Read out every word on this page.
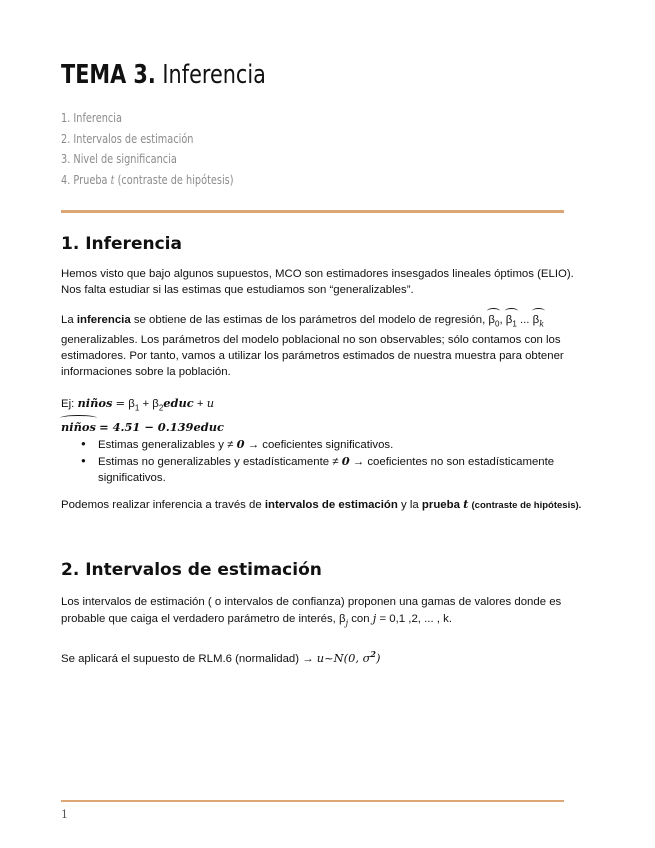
TEMA 3. Inferencia
1. Inferencia
2. Intervalos de estimación
3. Nivel de significancia
4. Prueba t (contraste de hipótesis)
1. Inferencia

Hemos visto que bajo algunos supuestos, MCO son estimadores insesgados lineales óptimos (ELIO). Nos falta estudiar si las estimas que estudiamos son “generalizables”.

La inferencia se obtiene de las estimas de los parámetros del modelo de regresión, $\beta_0$, $\beta_1$ ... $\beta_k$
generalizables. Los parámetros del modelo poblacional no son observables; sólo contamos con los estimadores. Por tanto, vamos a utilizar los parámetros estimados de nuestra muestra para obtener informaciones sobre la población.

Ej: niños = $\beta_1$ + $\beta_2educ + u$

niños = 4.51 − 0.139educ

● Estimas generalizables y ≠ 0 → coeficientes significativos.
● Estimas no generalizables y estadísticamente ≠ 0 → coeficientes no son estadísticamente significativos.

Podemos realizar inferencia a través de intervalos de estimación y la prueba t (contraste de hipótesis).

2. Intervalos de estimación

Los intervalos de estimación ( o intervalos de confianza) proponen una gamas de valores donde es probable que caiga el verdadero parámetro de interés, $\beta_j$ con j = 0,1 ,2, ... , k.

Se aplicará el supuesto de RLM.6 (normalidad) → u~N(0, $\sigma^2$)

1
